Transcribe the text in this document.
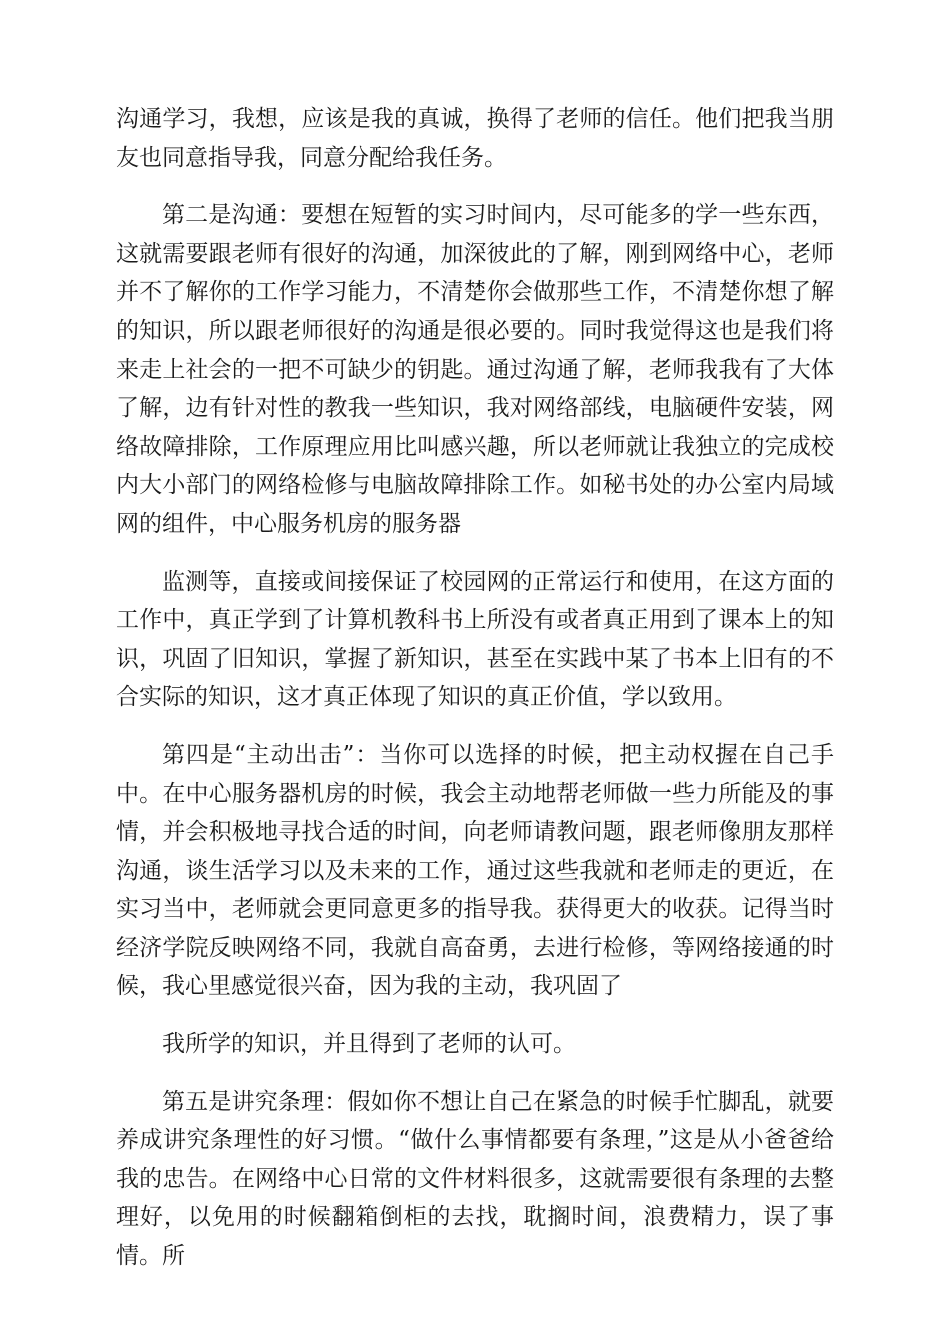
沟通学习，我想，应该是我的真诚，换得了老师的信任。他们把我当朋友也同意指导我，同意分配给我任务。

第二是沟通：要想在短暂的实习时间内，尽可能多的学一些东西，这就需要跟老师有很好的沟通，加深彼此的了解，刚到网络中心，老师并不了解你的工作学习能力，不清楚你会做那些工作，不清楚你想了解的知识，所以跟老师很好的沟通是很必要的。同时我觉得这也是我们将来走上社会的一把不可缺少的钥匙。通过沟通了解，老师我我有了大体了解，边有针对性的教我一些知识，我对网络部线，电脑硬件安装，网络故障排除，工作原理应用比叫感兴趣，所以老师就让我独立的完成校内大小部门的网络检修与电脑故障排除工作。如秘书处的办公室内局域网的组件，中心服务机房的服务器

监测等，直接或间接保证了校园网的正常运行和使用，在这方面的工作中，真正学到了计算机教科书上所没有或者真正用到了课本上的知识，巩固了旧知识，掌握了新知识，甚至在实践中某了书本上旧有的不合实际的知识，这才真正体现了知识的真正价值，学以致用。

第四是“主动出击”：当你可以选择的时候，把主动权握在自己手中。在中心服务器机房的时候，我会主动地帮老师做一些力所能及的事情，并会积极地寻找合适的时间，向老师请教问题，跟老师像朋友那样沟通，谈生活学习以及未来的工作，通过这些我就和老师走的更近，在实习当中，老师就会更同意更多的指导我。获得更大的收获。记得当时经济学院反映网络不同，我就自高奋勇，去进行检修，等网络接通的时候，我心里感觉很兴奋，因为我的主动，我巩固了

我所学的知识，并且得到了老师的认可。

第五是讲究条理：假如你不想让自己在紧急的时候手忙脚乱，就要养成讲究条理性的好习惯。“做什么事情都要有条理，”这是从小爸爸给我的忠告。在网络中心日常的文件材料很多，这就需要很有条理的去整理好，以免用的时候翻箱倒柜的去找，耽搁时间，浪费精力，误了事情。所
